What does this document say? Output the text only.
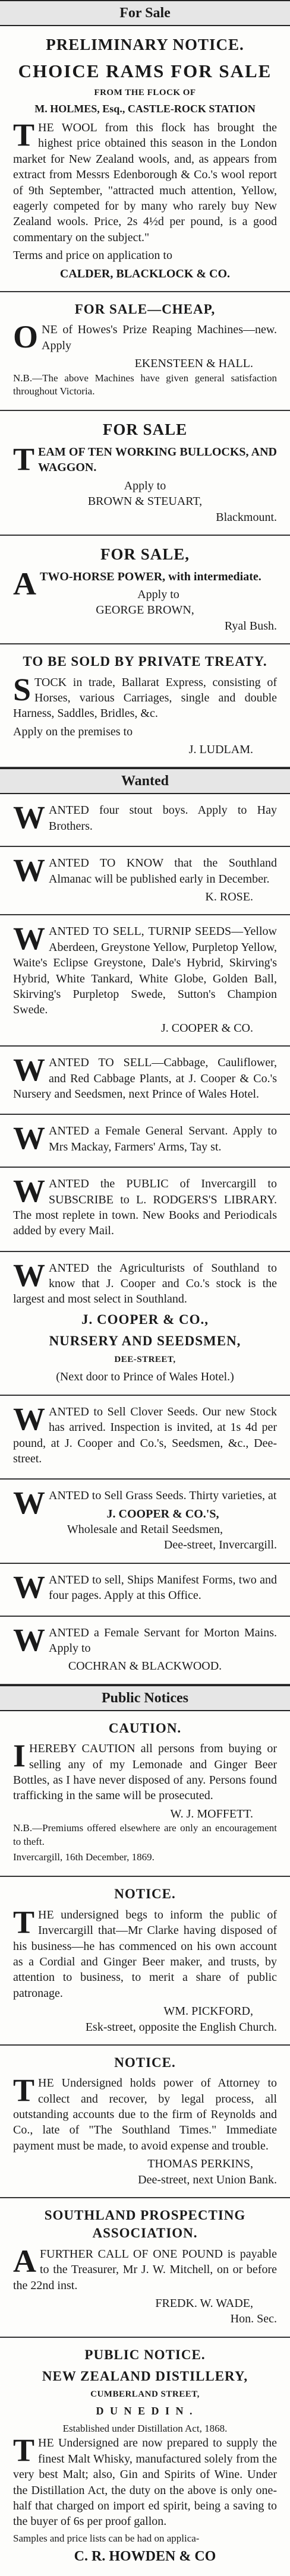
For Sale
PRELIMINARY NOTICE.
CHOICE RAMS FOR SALE
FROM THE FLOCK OF
M. HOLMES, Esq., CASTLE-ROCK STATION

THE WOOL from this flock has brought the highest price obtained this season in the London market for New Zealand wools, and, as appears from extract from Messrs Edenborough & Co.'s wool report of 9th September, "attracted much attention, Yellow, eagerly competed for by many who rarely buy New Zealand wools. Price, 2s 4½d per pound, is a good commentary on the subject."

Terms and price on application to

CALDER, BLACKLOCK & CO.
FOR SALE—CHEAP,

ONE of Howes's Prize Reaping Machines—new. Apply

EKENSTEEN & HALL.

N.B.—The above Machines have given general satisfaction throughout Victoria.

FOR SALE

TEAM OF TEN WORKING BULLOCKS, AND WAGGON.

Apply to
BROWN & STEUART,
Blackmount.
FOR SALE,

ATWO-HORSE POWER, with intermediate.

Apply to
GEORGE BROWN,
Ryal Bush.
TO BE SOLD BY PRIVATE TREATY.

STOCK in trade, Ballarat Express, consisting of Horses, various Carriages, single and double Harness, Saddles, Bridles, &c.

Apply on the premises to

J. LUDLAM.
Wanted

WANTED four stout boys. Apply to Hay Brothers.

WANTED TO KNOW that the Southland Almanac will be published early in December.

K. ROSE.

WANTED TO SELL, TURNIP SEEDS—Yellow Aberdeen, Greystone Yellow, Purpletop Yellow, Waite's Eclipse Greystone, Dale's Hybrid, Skirving's Hybrid, White Tankard, White Globe, Golden Ball, Skirving's Purpletop Swede, Sutton's Champion Swede.

J. COOPER & CO.

WANTED TO SELL—Cabbage, Cauliflower, and Red Cabbage Plants, at J. Cooper & Co.'s Nursery and Seedsmen, next Prince of Wales Hotel.

WANTED a Female General Servant. Apply to Mrs Mackay, Farmers' Arms, Tay st.

WANTED the PUBLIC of Invercargill to SUBSCRIBE to L. RODGERS'S LIBRARY. The most replete in town. New Books and Periodicals added by every Mail.

WANTED the Agriculturists of Southland to know that J. Cooper and Co.'s stock is the largest and most select in Southland.

J. COOPER & CO.,
NURSERY AND SEEDSMEN,
DEE-STREET,
(Next door to Prince of Wales Hotel.)

WANTED to Sell Clover Seeds. Our new Stock has arrived. Inspection is invited, at 1s 4d per pound, at J. Cooper and Co.'s, Seedsmen, &c., Dee-street.

WANTED to Sell Grass Seeds. Thirty varieties, at

J. COOPER & CO.'S,
Wholesale and Retail Seedsmen,
Dee-street, Invercargill.

WANTED to sell, Ships Manifest Forms, two and four pages. Apply at this Office.

WANTED a Female Servant for Morton Mains. Apply to

COCHRAN & BLACKWOOD.
Public Notices
CAUTION.

IHEREBY CAUTION all persons from buying or selling any of my Lemonade and Ginger Beer Bottles, as I have never disposed of any. Persons found trafficking in the same will be prosecuted.

W. J. MOFFETT.

N.B.—Premiums offered elsewhere are only an encouragement to theft.

Invercargill, 16th December, 1869.

NOTICE.

THE undersigned begs to inform the public of Invercargill that—Mr Clarke having disposed of his business—he has commenced on his own account as a Cordial and Ginger Beer maker, and trusts, by attention to business, to merit a share of public patronage.

WM. PICKFORD,
Esk-street, opposite the English Church.
NOTICE.

THE Undersigned holds power of Attorney to collect and recover, by legal process, all outstanding accounts due to the firm of Reynolds and Co., late of "The Southland Times." Immediate payment must be made, to avoid expense and trouble.

THOMAS PERKINS,
Dee-street, next Union Bank.
SOUTHLAND PROSPECTING ASSOCIATION.

AFURTHER CALL OF ONE POUND is payable to the Treasurer, Mr J. W. Mitchell, on or before the 22nd inst.

FREDK. W. WADE,
Hon. Sec.
PUBLIC NOTICE.
NEW ZEALAND DISTILLERY,
CUMBERLAND STREET,
D U N E D I N .
Established under Distillation Act, 1868.

THE Undersigned are now prepared to supply the finest Malt Whisky, manufactured solely from the very best Malt; also, Gin and Spirits of Wine. Under the Distillation Act, the duty on the above is only one-half that charged on import ed spirit, being a saving to the buyer of 6s per proof gallon.

Samples and price lists can be had on applica-

C. R. HOWDEN & CO
